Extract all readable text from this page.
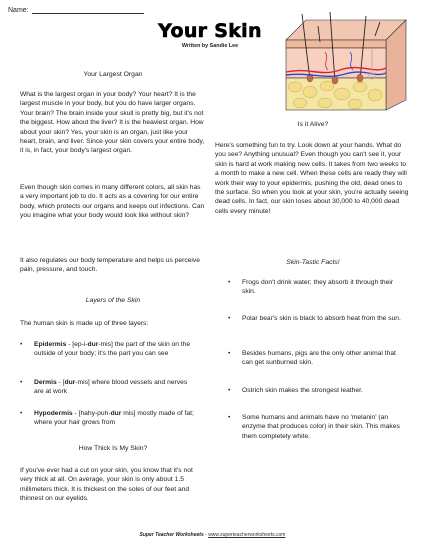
Name:
Your Skin
Written by Sandie Lee
Your Largest Organ

What is the largest organ in your body? Your heart? It is the largest muscle in your body, but you do have larger organs. Your brain? The brain inside your skull is pretty big, but it's not the biggest. How about the liver? It is the heaviest organ. How about your skin? Yes, your skin is an organ, just like your heart, brain, and liver. Since your skin covers your entire body, it is, in fact, your body's largest organ.

Even though skin comes in many different colors, all skin has a very important job to do. It acts as a covering for our entire body, which protects our organs and keeps out infections. Can you imagine what your body would look like without skin?

It also regulates our body temperature and helps us perceive pain, pressure, and touch.

Layers of the Skin

The human skin is made up of three layers:

• Epidermis - [ep-i-dur-mis] the part of the skin on the outside of your body; it's the part you can see
• Dermis - [dur-mis] where blood vessels and nerves are at work
• Hypodermis - [hahy-puh-dur mis] mostly made of fat; where your hair grows from
How Thick Is My Skin?

If you've ever had a cut on your skin, you know that it's not very thick at all. On average, your skin is only about 1.5 millimeters thick. It is thickest on the soles of our feet and thinnest on our eyelids.

Is it Alive?

Here's something fun to try. Look down at your hands. What do you see? Anything unusual? Even though you can't see it, your skin is hard at work making new cells. It takes from two weeks to a month to make a new cell. When these cells are ready they will work their way to your epidermis, pushing the old, dead ones to the surface. So when you look at your skin, you're actually seeing dead cells. In fact, our skin loses about 30,000 to 40,000 dead cells every minute!

Skin-Tastic Facts!
• Frogs don't drink water; they absorb it through their skin.
• Polar bear's skin is black to absorb heat from the sun.
• Besides humans, pigs are the only other animal that can get sunburned skin.
• Ostrich skin makes the strongest leather.
• Some humans and animals have no 'melanin' (an enzyme that produces color) in their skin. This makes them completely white.
Super Teacher Worksheets - www.superteacherworksheets.com
